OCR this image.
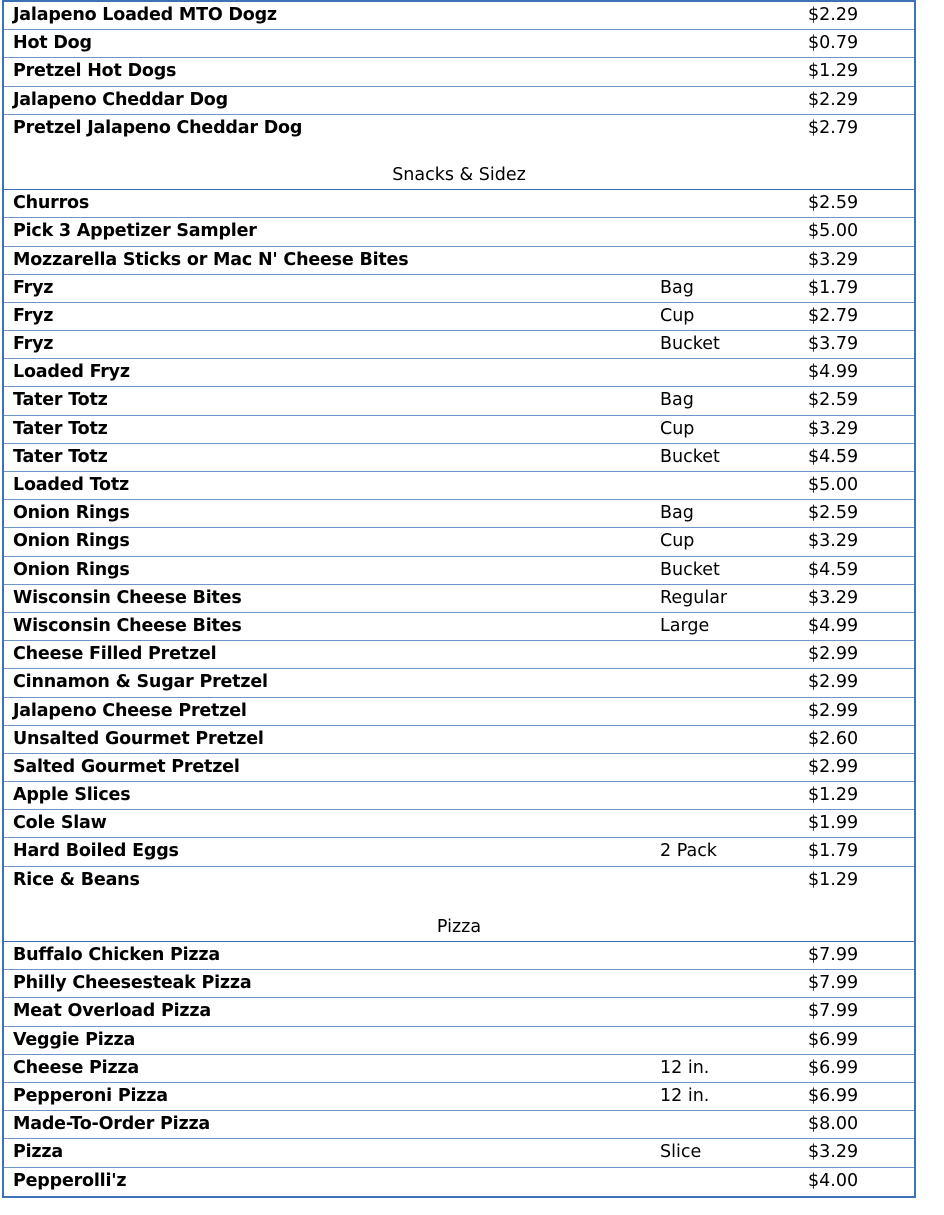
Jalapeno Loaded MTO Dogz	$2.29
Hot Dog	$0.79
Pretzel Hot Dogs	$1.29
Jalapeno Cheddar Dog	$2.29
Pretzel Jalapeno Cheddar Dog	$2.79
Snacks & Sidez
Churros	$2.59
Pick 3 Appetizer Sampler	$5.00
Mozzarella Sticks or Mac N' Cheese Bites	$3.29
Fryz	Bag	$1.79
Fryz	Cup	$2.79
Fryz	Bucket	$3.79
Loaded Fryz	$4.99
Tater Totz	Bag	$2.59
Tater Totz	Cup	$3.29
Tater Totz	Bucket	$4.59
Loaded Totz	$5.00
Onion Rings	Bag	$2.59
Onion Rings	Cup	$3.29
Onion Rings	Bucket	$4.59
Wisconsin Cheese Bites	Regular	$3.29
Wisconsin Cheese Bites	Large	$4.99
Cheese Filled Pretzel	$2.99
Cinnamon & Sugar Pretzel	$2.99
Jalapeno Cheese Pretzel	$2.99
Unsalted Gourmet Pretzel	$2.60
Salted Gourmet Pretzel	$2.99
Apple Slices	$1.29
Cole Slaw	$1.99
Hard Boiled Eggs	2 Pack	$1.79
Rice & Beans	$1.29
Pizza
Buffalo Chicken Pizza	$7.99
Philly Cheesesteak Pizza	$7.99
Meat Overload Pizza	$7.99
Veggie Pizza	$6.99
Cheese Pizza	12 in.	$6.99
Pepperoni Pizza	12 in.	$6.99
Made-To-Order Pizza	$8.00
Pizza	Slice	$3.29
Pepperolli'z	$4.00
